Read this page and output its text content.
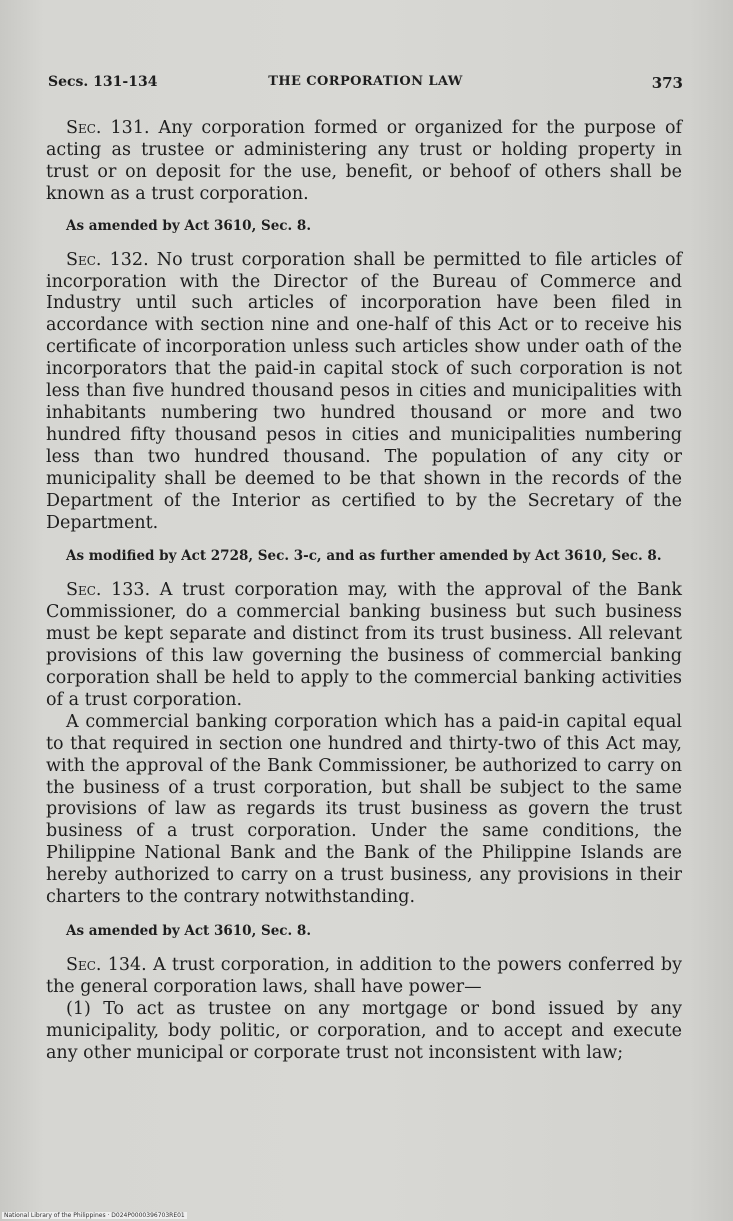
Secs. 131-134	THE CORPORATION LAW	373

Sec. 131. Any corporation formed or organized for the purpose of acting as trustee or administering any trust or holding property in trust or on deposit for the use, benefit, or behoof of others shall be known as a trust corporation.

As amended by Act 3610, Sec. 8.

Sec. 132. No trust corporation shall be permitted to file articles of incorporation with the Director of the Bureau of Commerce and Industry until such articles of incorporation have been filed in accordance with section nine and one-half of this Act or to receive his certificate of incorporation unless such articles show under oath of the incorporators that the paid-in capital stock of such corporation is not less than five hundred thousand pesos in cities and municipalities with inhabitants numbering two hundred thousand or more and two hundred fifty thousand pesos in cities and municipalities numbering less than two hundred thousand. The population of any city or municipality shall be deemed to be that shown in the records of the Department of the Interior as certified to by the Secretary of the Department.

As modified by Act 2728, Sec. 3-c, and as further amended by Act 3610, Sec. 8.

Sec. 133. A trust corporation may, with the approval of the Bank Commissioner, do a commercial banking business but such business must be kept separate and distinct from its trust business. All relevant provisions of this law governing the business of commercial banking corporation shall be held to apply to the commercial banking activities of a trust corporation.

A commercial banking corporation which has a paid-in capital equal to that required in section one hundred and thirty-two of this Act may, with the approval of the Bank Commissioner, be authorized to carry on the business of a trust corporation, but shall be subject to the same provisions of law as regards its trust business as govern the trust business of a trust corporation. Under the same conditions, the Philippine National Bank and the Bank of the Philippine Islands are hereby authorized to carry on a trust business, any provisions in their charters to the contrary notwithstanding.

As amended by Act 3610, Sec. 8.

Sec. 134. A trust corporation, in addition to the powers conferred by the general corporation laws, shall have power—

(1) To act as trustee on any mortgage or bond issued by any municipality, body politic, or corporation, and to accept and execute any other municipal or corporate trust not inconsistent with law;

National Library of the Philippines · D024P0000396703RE01
